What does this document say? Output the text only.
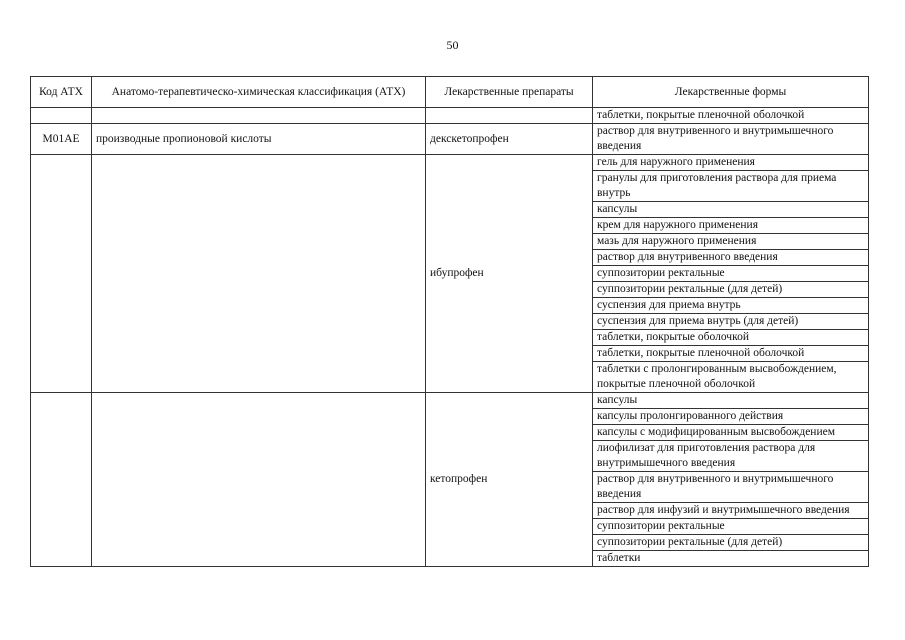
50
Код АТХ	Анатомо-терапевтическо-химическая классификация (АТХ)	Лекарственные препараты	Лекарственные формы
			таблетки, покрытые пленочной оболочкой
M01AE	производные пропионовой кислоты	декскетопрофен	раствор для внутривенного и внутримышечного введения
		ибупрофен	гель для наружного применения
			гранулы для приготовления раствора для приема внутрь
			капсулы
			крем для наружного применения
			мазь для наружного применения
			раствор для внутривенного введения
			суппозитории ректальные
			суппозитории ректальные (для детей)
			суспензия для приема внутрь
			суспензия для приема внутрь (для детей)
			таблетки, покрытые оболочкой
			таблетки, покрытые пленочной оболочкой
			таблетки с пролонгированным высвобождением, покрытые пленочной оболочкой
		кетопрофен	капсулы
			капсулы пролонгированного действия
			капсулы с модифицированным высвобождением
			лиофилизат для приготовления раствора для внутримышечного введения
			раствор для внутривенного и внутримышечного введения
			раствор для инфузий и внутримышечного введения
			суппозитории ректальные
			суппозитории ректальные (для детей)
			таблетки
